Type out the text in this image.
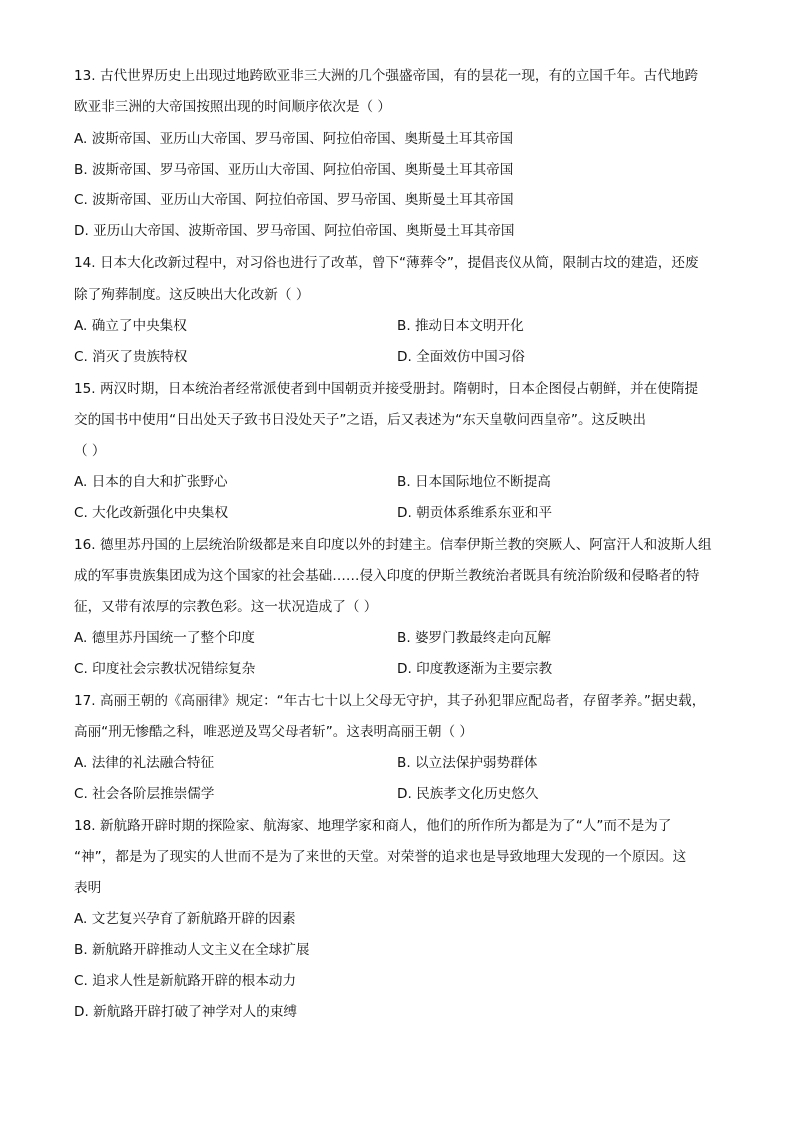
13. 古代世界历史上出现过地跨欧亚非三大洲的几个强盛帝国，有的昙花一现，有的立国千年。古代地跨
欧亚非三洲的大帝国按照出现的时间顺序依次是（ ）
A. 波斯帝国、亚历山大帝国、罗马帝国、阿拉伯帝国、奥斯曼土耳其帝国
B. 波斯帝国、罗马帝国、亚历山大帝国、阿拉伯帝国、奥斯曼土耳其帝国
C. 波斯帝国、亚历山大帝国、阿拉伯帝国、罗马帝国、奥斯曼土耳其帝国
D. 亚历山大帝国、波斯帝国、罗马帝国、阿拉伯帝国、奥斯曼土耳其帝国
14. 日本大化改新过程中，对习俗也进行了改革，曾下“薄葬令”，提倡丧仪从简，限制古坟的建造，还废
除了殉葬制度。这反映出大化改新（ ）
A. 确立了中央集权	B. 推动日本文明开化
C. 消灭了贵族特权	D. 全面效仿中国习俗
15. 两汉时期，日本统治者经常派使者到中国朝贡并接受册封。隋朝时，日本企图侵占朝鲜，并在使隋提
交的国书中使用“日出处天子致书日没处天子”之语，后又表述为“东天皇敬问西皇帝”。这反映出
（ ）
A. 日本的自大和扩张野心	B. 日本国际地位不断提高
C. 大化改新强化中央集权	D. 朝贡体系维系东亚和平
16. 德里苏丹国的上层统治阶级都是来自印度以外的封建主。信奉伊斯兰教的突厥人、阿富汗人和波斯人组
成的军事贵族集团成为这个国家的社会基础……侵入印度的伊斯兰教统治者既具有统治阶级和侵略者的特
征，又带有浓厚的宗教色彩。这一状况造成了（ ）
A. 德里苏丹国统一了整个印度	B. 婆罗门教最终走向瓦解
C. 印度社会宗教状况错综复杂	D. 印度教逐渐为主要宗教
17. 高丽王朝的《高丽律》规定：“年古七十以上父母无守护，其子孙犯罪应配岛者，存留孝养。”据史载，
高丽“刑无惨酷之科，唯恶逆及骂父母者斩”。这表明高丽王朝（ ）
A. 法律的礼法融合特征	B. 以立法保护弱势群体
C. 社会各阶层推崇儒学	D. 民族孝文化历史悠久
18. 新航路开辟时期的探险家、航海家、地理学家和商人，他们的所作所为都是为了“人”而不是为了
“神”，都是为了现实的人世而不是为了来世的天堂。对荣誉的追求也是导致地理大发现的一个原因。这
表明
A. 文艺复兴孕育了新航路开辟的因素
B. 新航路开辟推动人文主义在全球扩展
C. 追求人性是新航路开辟的根本动力
D. 新航路开辟打破了神学对人的束缚
